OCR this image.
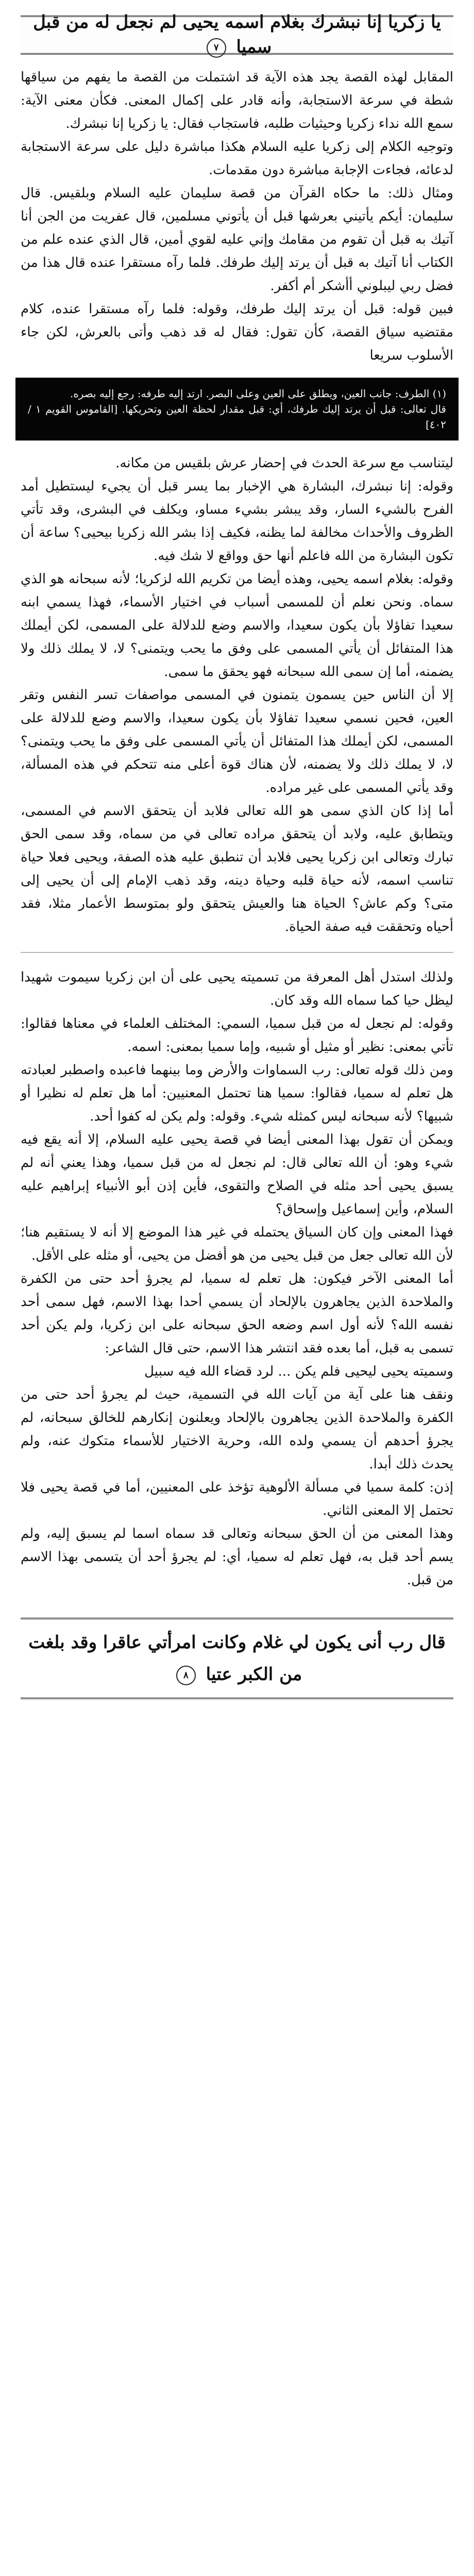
يا زكريا إنا نبشرك بغلام اسمه يحيى لم نجعل له من قبل سميا ٧

المقابل لهذه القصة يجد هذه الآية قد اشتملت من القصة ما يفهم من سياقها شطة في سرعة الاستجابة، وأنه قادر على إكمال المعنى. فكأن معنى الآية: سمع الله نداء زكريا وحيثيات طلبه، فاستجاب فقال: يا زكريا إنا نبشرك.

وتوجيه الكلام إلى زكريا عليه السلام هكذا مباشرة دليل على سرعة الاستجابة لدعائه، فجاءت الإجابة مباشرة دون مقدمات.

ومثال ذلك: ما حكاه القرآن من قصة سليمان عليه السلام وبلقيس. قال سليمان: أيكم يأتيني بعرشها قبل أن يأتوني مسلمين، قال عفريت من الجن أنا آتيك به قبل أن تقوم من مقامك وإني عليه لقوي أمين، قال الذي عنده علم من الكتاب أنا آتيك به قبل أن يرتد إليك طرفك. فلما رآه مستقرا عنده قال هذا من فضل ربي ليبلوني أأشكر أم أكفر.

فبين قوله: قبل أن يرتد إليك طرفك، وقوله: فلما رآه مستقرا عنده، كلام مقتضيه سياق القصة، كأن تقول: فقال له قد ذهب وأتى بالعرش، لكن جاء الأسلوب سريعا

(١) الطرف: جانب العين، ويطلق على العين وعلى البصر. ارتد إليه طرفه: رجع إليه بصره.

قال تعالى: قبل أن يرتد إليك طرفك، أي: قبل مقدار لحظة العين وتحريكها. [القاموس القويم ١ / ٤٠٢]

ليتناسب مع سرعة الحدث في إحضار عرش بلقيس من مكانه.

وقوله: إنا نبشرك، البشارة هي الإخبار بما يسر قبل أن يجيء ليستطيل أمد الفرح بالشيء السار، وقد يبشر بشيء مساو، ويكلف في البشرى، وقد تأتي الظروف والأحداث مخالفة لما يظنه، فكيف إذا بشر الله زكريا بيحيى؟ ساعة أن تكون البشارة من الله فاعلم أنها حق وواقع لا شك فيه.

وقوله: بغلام اسمه يحيى، وهذه أيضا من تكريم الله لزكريا؛ لأنه سبحانه هو الذي سماه. ونحن نعلم أن للمسمى أسباب في اختيار الأسماء، فهذا يسمي ابنه سعيدا تفاؤلا بأن يكون سعيدا، والاسم وضع للدلالة على المسمى، لكن أيملك هذا المتفائل أن يأتي المسمى على وفق ما يحب ويتمنى؟ لا، لا يملك ذلك ولا يضمنه، أما إن سمى الله سبحانه فهو يحقق ما سمى.

إلا أن الناس حين يسمون يتمنون في المسمى مواصفات تسر النفس وتقر العين، فحين نسمي سعيدا تفاؤلا بأن يكون سعيدا، والاسم وضع للدلالة على المسمى، لكن أيملك هذا المتفائل أن يأتي المسمى على وفق ما يحب ويتمنى؟ لا، لا يملك ذلك ولا يضمنه، لأن هناك قوة أعلى منه تتحكم في هذه المسألة، وقد يأتي المسمى على غير مراده.

أما إذا كان الذي سمى هو الله تعالى فلابد أن يتحقق الاسم في المسمى، ويتطابق عليه، ولابد أن يتحقق مراده تعالى في من سماه، وقد سمى الحق تبارك وتعالى ابن زكريا يحيى فلابد أن تنطبق عليه هذه الصفة، ويحيى فعلا حياة تناسب اسمه، لأنه حياة قلبه وحياة دينه، وقد ذهب الإمام إلى أن يحيى إلى متى؟ وكم عاش؟ الحياة هنا والعيش يتحقق ولو بمتوسط الأعمار مثلا، فقد أحياه وتحققت فيه صفة الحياة.

ولذلك استدل أهل المعرفة من تسميته يحيى على أن ابن زكريا سيموت شهيدا ليظل حيا كما سماه الله وقد كان.

وقوله: لم نجعل له من قبل سميا، السمي: المختلف العلماء في معناها فقالوا: تأتي بمعنى: نظير أو مثيل أو شبيه، وإما سميا بمعنى: اسمه.

ومن ذلك قوله تعالى: رب السماوات والأرض وما بينهما فاعبده واصطبر لعبادته هل تعلم له سميا، فقالوا: سميا هنا تحتمل المعنيين: أما هل تعلم له نظيرا أو شبيها؟ لأنه سبحانه ليس كمثله شيء. وقوله: ولم يكن له كفوا أحد.

ويمكن أن تقول بهذا المعنى أيضا في قصة يحيى عليه السلام، إلا أنه يقع فيه شيء وهو: أن الله تعالى قال: لم نجعل له من قبل سميا، وهذا يعني أنه لم يسبق يحيى أحد مثله في الصلاح والتقوى، فأين إذن أبو الأنبياء إبراهيم عليه السلام، وأين إسماعيل وإسحاق؟

فهذا المعنى وإن كان السياق يحتمله في غير هذا الموضع إلا أنه لا يستقيم هنا؛ لأن الله تعالى جعل من قبل يحيى من هو أفضل من يحيى، أو مثله على الأقل.

أما المعنى الآخر فيكون: هل تعلم له سميا، لم يجرؤ أحد حتى من الكفرة والملاحدة الذين يجاهرون بالإلحاد أن يسمي أحدا بهذا الاسم، فهل سمى أحد نفسه الله؟ لأنه أول اسم وضعه الحق سبحانه على ابن زكريا، ولم يكن أحد تسمى به قبل، أما بعده فقد انتشر هذا الاسم، حتى قال الشاعر:

وسميته يحيى ليحيى فلم يكن ... لرد قضاء الله فيه سبيل

ونقف هنا على آية من آيات الله في التسمية، حيث لم يجرؤ أحد حتى من الكفرة والملاحدة الذين يجاهرون بالإلحاد ويعلنون إنكارهم للخالق سبحانه، لم يجرؤ أحدهم أن يسمي ولده الله، وحرية الاختيار للأسماء متكوك عنه، ولم يحدث ذلك أبدا.

إذن: كلمة سميا في مسألة الألوهية تؤخذ على المعنيين، أما في قصة يحيى فلا تحتمل إلا المعنى الثاني.

وهذا المعنى من أن الحق سبحانه وتعالى قد سماه اسما لم يسبق إليه، ولم يسم أحد قبل به، فهل تعلم له سميا، أي: لم يجرؤ أحد أن يتسمى بهذا الاسم من قبل.

قال رب أنى يكون لي غلام وكانت امرأتي عاقرا وقد بلغت من الكبر عتيا ٨
